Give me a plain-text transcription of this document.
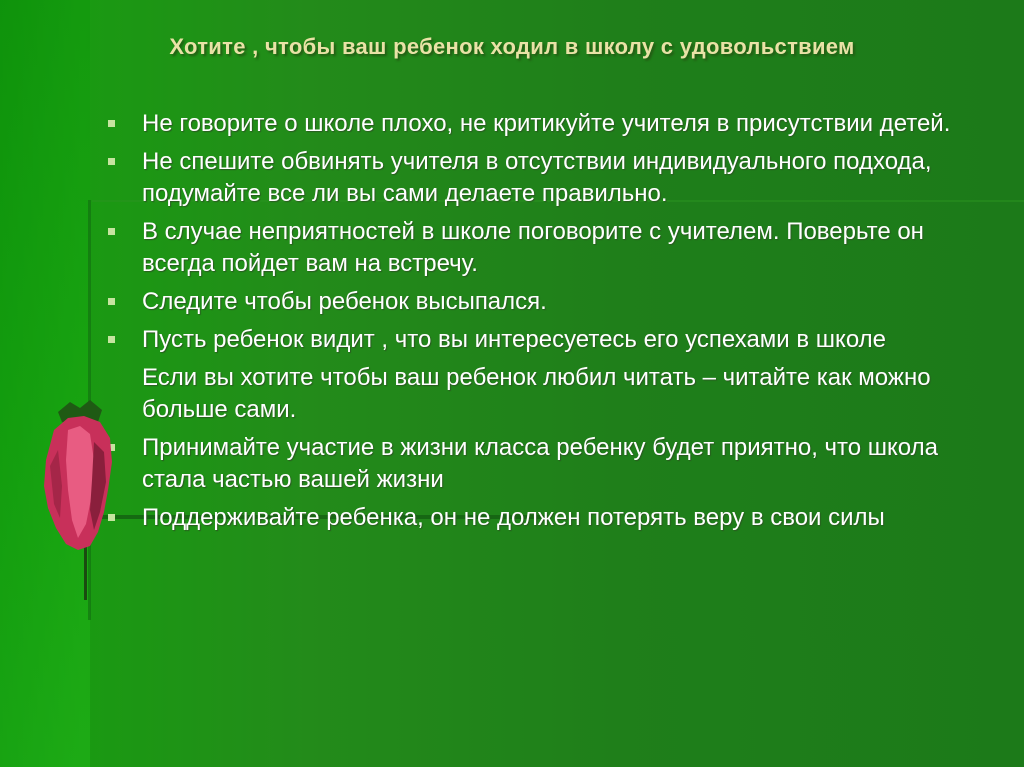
Хотите , чтобы ваш ребенок ходил в школу с удовольствием
Не говорите о школе плохо, не критикуйте учителя в присутствии детей.
Не спешите обвинять учителя в отсутствии индивидуального подхода, подумайте все ли вы сами делаете правильно.
В случае неприятностей в школе поговорите с учителем. Поверьте он всегда пойдет вам на встречу.
Следите чтобы ребенок высыпался.
Пусть ребенок видит , что вы интересуетесь его успехами в школе
Если вы хотите чтобы ваш ребенок любил читать – читайте как можно больше сами.
Принимайте участие в жизни класса ребенку будет приятно, что школа стала частью вашей жизни
Поддерживайте ребенка, он не должен потерять веру в свои силы
